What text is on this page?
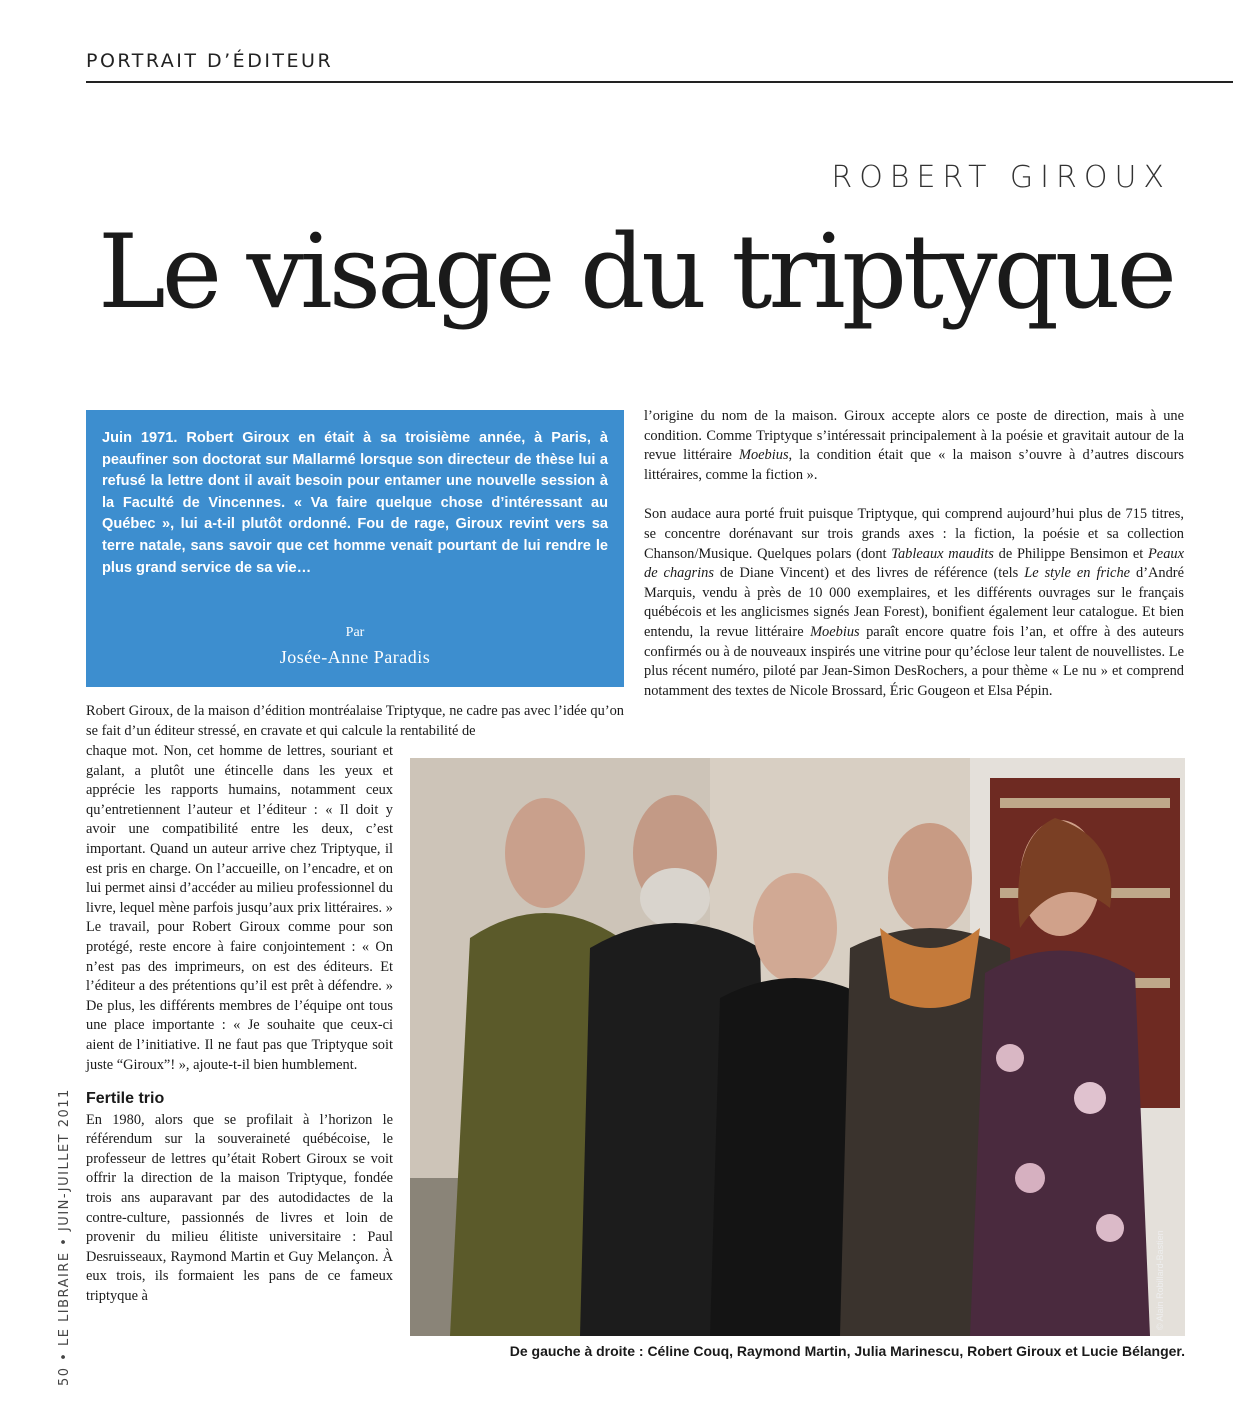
PORTRAIT D’ÉDITEUR
ROBERT GIROUX
Le visage du triptyque

Juin 1971. Robert Giroux en était à sa troisième année, à Paris, à peaufiner son doctorat sur Mallarmé lorsque son directeur de thèse lui a refusé la lettre dont il avait besoin pour entamer une nouvelle session à la Faculté de Vincennes. « Va faire quelque chose d’intéressant au Québec », lui a-t-il plutôt ordonné. Fou de rage, Giroux revint vers sa terre natale, sans savoir que cet homme venait pourtant de lui rendre le plus grand service de sa vie…

Par
Josée-Anne Paradis

Robert Giroux, de la maison d’édition montréalaise Triptyque, ne cadre pas avec l’idée qu’on se fait d’un éditeur stressé, en cravate et qui calcule la rentabilité de

chaque mot. Non, cet homme de lettres, souriant et galant, a plutôt une étincelle dans les yeux et apprécie les rapports humains, notamment ceux qu’entretiennent l’auteur et l’éditeur : « Il doit y avoir une compatibilité entre les deux, c’est important. Quand un auteur arrive chez Triptyque, il est pris en charge. On l’accueille, on l’encadre, et on lui permet ainsi d’accéder au milieu professionnel du livre, lequel mène parfois jusqu’aux prix littéraires. » Le travail, pour Robert Giroux comme pour son protégé, reste encore à faire conjointement : « On n’est pas des imprimeurs, on est des éditeurs. Et l’éditeur a des prétentions qu’il est prêt à défendre. » De plus, les différents membres de l’équipe ont tous une place importante : « Je souhaite que ceux-ci aient de l’initiative. Il ne faut pas que Triptyque soit juste “Giroux”! », ajoute-t-il bien humblement.

Fertile trio

En 1980, alors que se profilait à l’horizon le référendum sur la souveraineté québécoise, le professeur de lettres qu’était Robert Giroux se voit offrir la direction de la maison Triptyque, fondée trois ans auparavant par des autodidactes de la contre-culture, passionnés de livres et loin de provenir du milieu élitiste universitaire : Paul Desruisseaux, Raymond Martin et Guy Melançon. À eux trois, ils formaient les pans de ce fameux triptyque à

l’origine du nom de la maison. Giroux accepte alors ce poste de direction, mais à une condition. Comme Triptyque s’intéressait principalement à la poésie et gravitait autour de la revue littéraire Moebius, la condition était que « la maison s’ouvre à d’autres discours littéraires, comme la fiction ».

Son audace aura porté fruit puisque Triptyque, qui comprend aujourd’hui plus de 715 titres, se concentre dorénavant sur trois grands axes : la fiction, la poésie et sa collection Chanson/Musique. Quelques polars (dont Tableaux maudits de Philippe Bensimon et Peaux de chagrins de Diane Vincent) et des livres de référence (tels Le style en friche d’André Marquis, vendu à près de 10 000 exemplaires, et les différents ouvrages sur le français québécois et les anglicismes signés Jean Forest), bonifient également leur catalogue. Et bien entendu, la revue littéraire Moebius paraît encore quatre fois l’an, et offre à des auteurs confirmés ou à de nouveaux inspirés une vitrine pour qu’éclose leur talent de nouvellistes. Le plus récent numéro, piloté par Jean-Simon DesRochers, a pour thème « Le nu » et comprend notamment des textes de Nicole Brossard, Éric Gougeon et Elsa Pépin.

© Alain Robillard-Bastien
De gauche à droite : Céline Couq, Raymond Martin, Julia Marinescu, Robert Giroux et Lucie Bélanger.
50 • LE LIBRAIRE • JUIN-JUILLET 2011
